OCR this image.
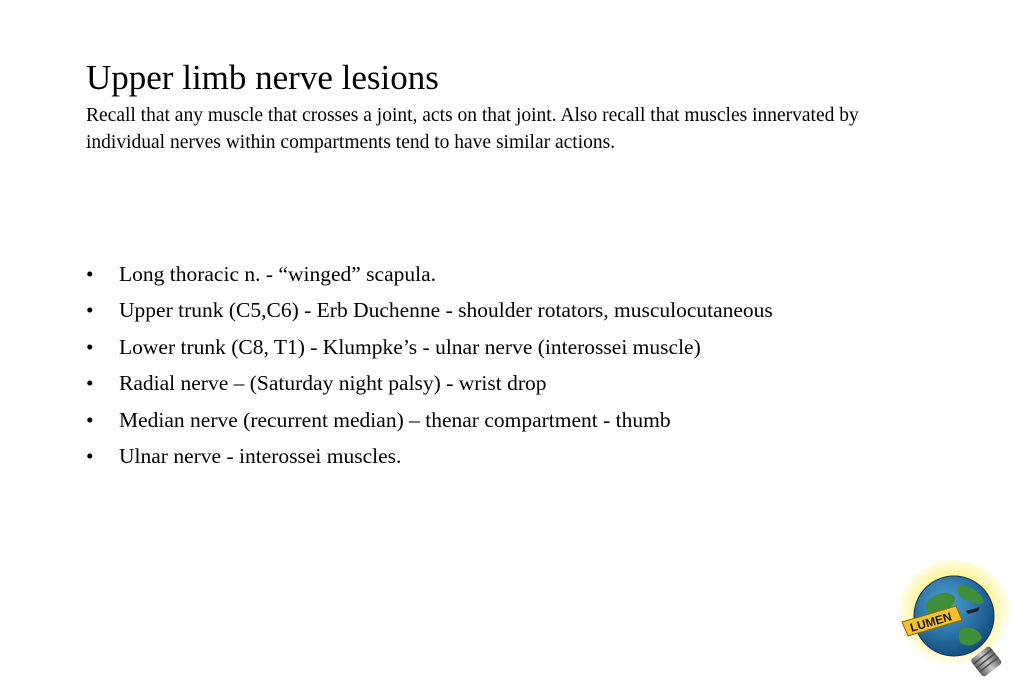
Upper limb nerve lesions

Recall that any muscle that crosses a joint, acts on that joint. Also recall that muscles innervated by individual nerves within compartments tend to have similar actions.

• Long thoracic n. - “winged” scapula.
• Upper trunk (C5,C6) - Erb Duchenne - shoulder rotators, musculocutaneous
• Lower trunk (C8, T1) - Klumpke’s - ulnar nerve (interossei muscle)
• Radial nerve – (Saturday night palsy) - wrist drop
• Median nerve (recurrent median) – thenar compartment - thumb
• Ulnar nerve - interossei muscles.
LUMEN
